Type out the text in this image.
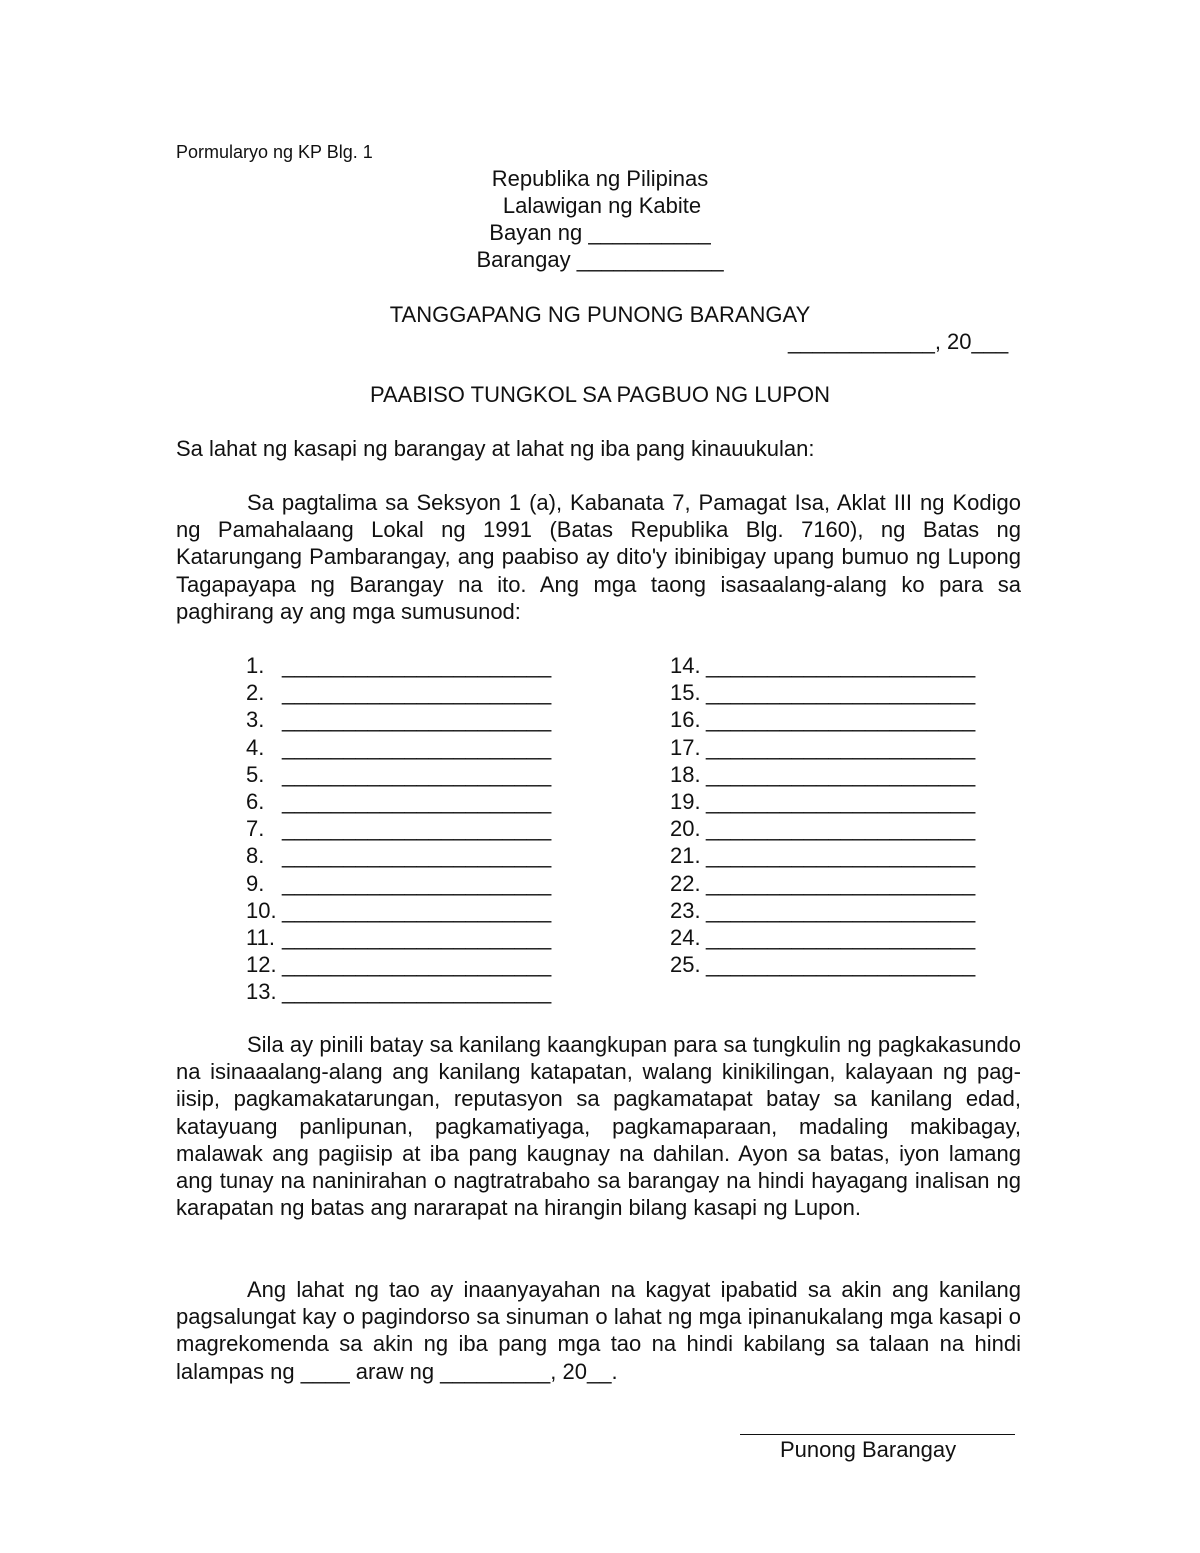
Pormularyo ng KP Blg. 1
Republika ng Pilipinas
Lalawigan ng Kabite
Bayan ng __________
Barangay ____________
TANGGAPANG NG PUNONG BARANGAY
____________, 20___
PAABISO TUNGKOL SA PAGBUO NG LUPON
Sa lahat ng kasapi ng barangay at lahat ng iba pang kinauukulan:
Sa pagtalima sa Seksyon 1 (a), Kabanata 7, Pamagat Isa, Aklat III ng Kodigo ng Pamahalaang Lokal ng 1991 (Batas Republika Blg. 7160), ng Batas ng Katarungang Pambarangay, ang paabiso ay dito'y ibinibigay upang bumuo ng Lupong Tagapayapa ng Barangay na ito. Ang mga taong isasaalang-alang ko para sa paghirang ay ang mga sumusunod:
1. ______________________
2. ______________________
3. ______________________
4. ______________________
5. ______________________
6. ______________________
7. ______________________
8. ______________________
9. ______________________
10. ______________________
11. ______________________
12. ______________________
13. ______________________
14. ______________________
15. ______________________
16. ______________________
17. ______________________
18. ______________________
19. ______________________
20. ______________________
21. ______________________
22. ______________________
23. ______________________
24. ______________________
25. ______________________
Sila ay pinili batay sa kanilang kaangkupan para sa tungkulin ng pagkakasundo na isinaaalang-alang ang kanilang katapatan, walang kinikilingan, kalayaan ng pag-iisip, pagkamakatarungan, reputasyon sa pagkamatapat batay sa kanilang edad, katayuang panlipunan, pagkamatiyaga, pagkamaparaan, madaling makibagay, malawak ang pagiisip at iba pang kaugnay na dahilan. Ayon sa batas, iyon lamang ang tunay na naninirahan o nagtratrabaho sa barangay na hindi hayagang inalisan ng karapatan ng batas ang nararapat na hirangin bilang kasapi ng Lupon.
Ang lahat ng tao ay inaanyayahan na kagyat ipabatid sa akin ang kanilang pagsalungat kay o pagindorso sa sinuman o lahat ng mga ipinanukalang mga kasapi o magrekomenda sa akin ng iba pang mga tao na hindi kabilang sa talaan na hindi lalampas ng ____ araw ng _________, 20__.
Punong Barangay
